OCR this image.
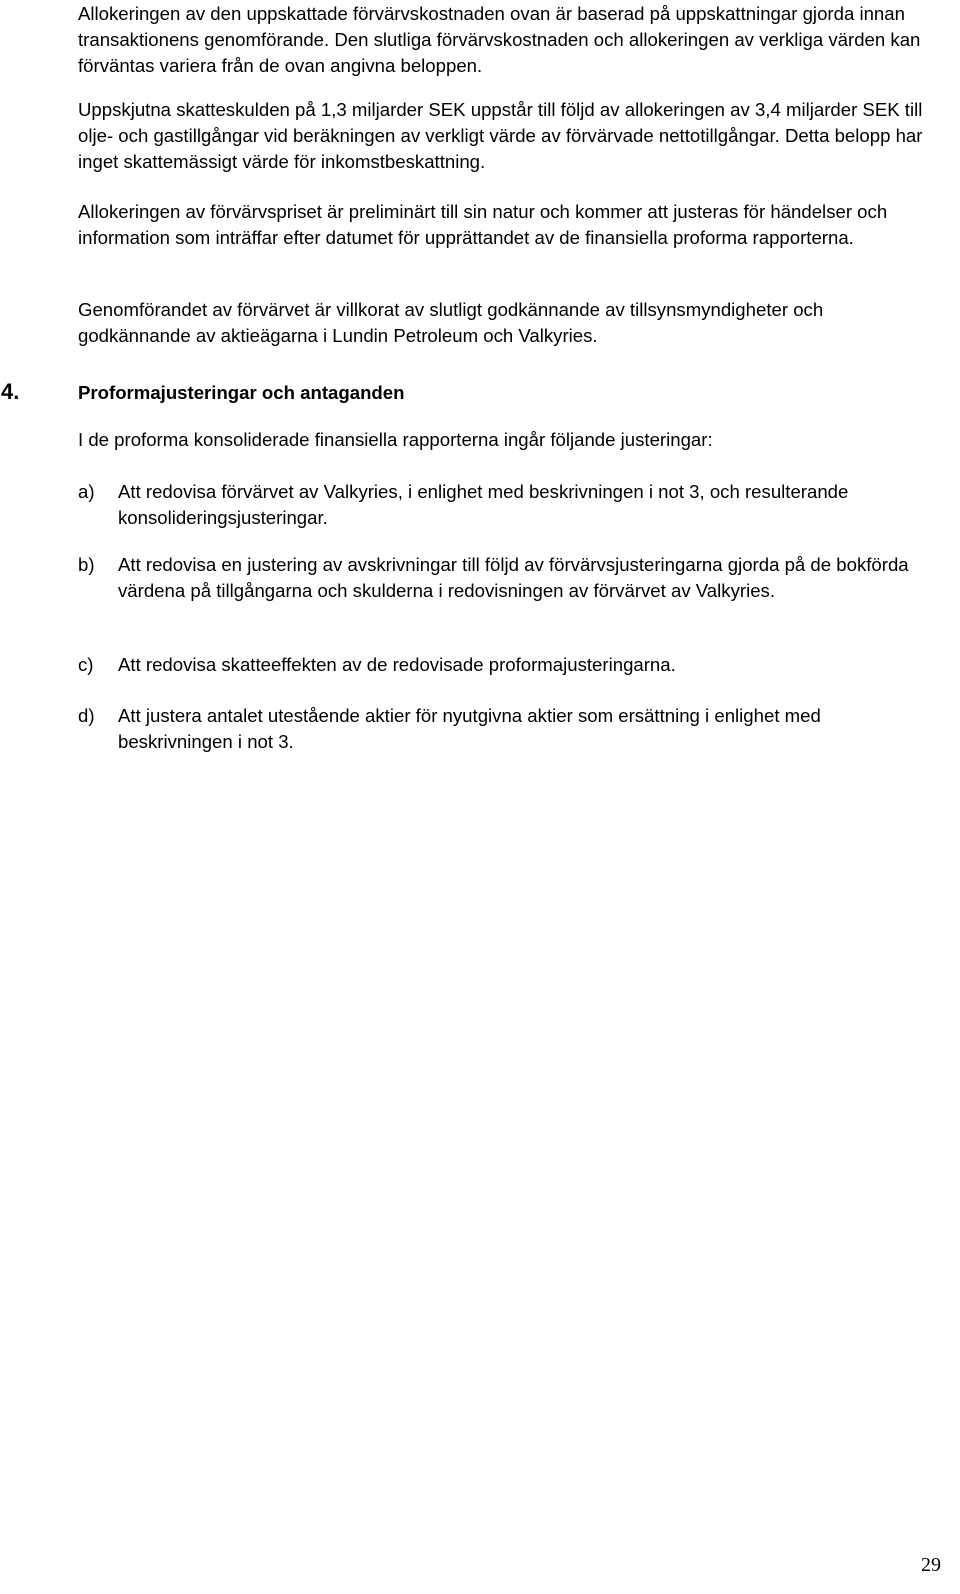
Allokeringen av den uppskattade förvärvskostnaden ovan är baserad på uppskattningar gjorda innan transaktionens genomförande. Den slutliga förvärvskostnaden och allokeringen av verkliga värden kan förväntas variera från de ovan angivna beloppen.

Uppskjutna skatteskulden på 1,3 miljarder SEK uppstår till följd av allokeringen av 3,4 miljarder SEK till olje- och gastillgångar vid beräkningen av verkligt värde av förvärvade nettotillgångar. Detta belopp har inget skattemässigt värde för inkomstbeskattning.

Allokeringen av förvärvspriset är preliminärt till sin natur och kommer att justeras för händelser och information som inträffar efter datumet för upprättandet av de finansiella proforma rapporterna.

Genomförandet av förvärvet är villkorat av slutligt godkännande av tillsynsmyndigheter och godkännande av aktieägarna i Lundin Petroleum och Valkyries.

4.	Proformajusteringar och antaganden

I de proforma konsoliderade finansiella rapporterna ingår följande justeringar:

a) Att redovisa förvärvet av Valkyries, i enlighet med beskrivningen i not 3, och resulterande konsolideringsjusteringar.
b) Att redovisa en justering av avskrivningar till följd av förvärvsjusteringarna gjorda på de bokförda värdena på tillgångarna och skulderna i redovisningen av förvärvet av Valkyries.
c) Att redovisa skatteeffekten av de redovisade proformajusteringarna.
d) Att justera antalet utestående aktier för nyutgivna aktier som ersättning i enlighet med beskrivningen i not 3.
29
